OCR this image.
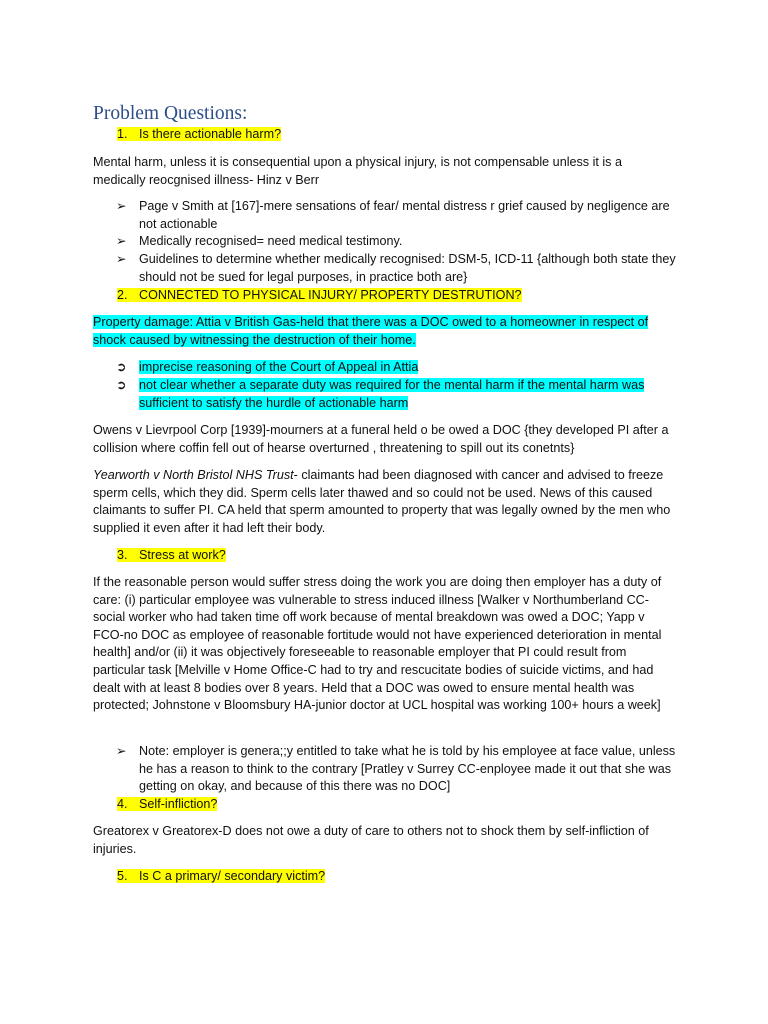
Problem Questions:

1. Is there actionable harm?

Mental harm, unless it is consequential upon a physical injury, is not compensable unless it is a medically reocgnised illness- Hinz v Berr

➢ Page v Smith at [167]-mere sensations of fear/ mental distress r grief caused by negligence are not actionable
➢ Medically recognised= need medical testimony.
➢ Guidelines to determine whether medically recognised: DSM-5, ICD-11 {although both state they should not be sued for legal purposes, in practice both are}

2. CONNECTED TO PHYSICAL INJURY/ PROPERTY DESTRUTION?

Property damage: Attia v British Gas-held that there was a DOC owed to a homeowner in respect of shock caused by witnessing the destruction of their home.

➲ imprecise reasoning of the Court of Appeal in Attia
➲ not clear whether a separate duty was required for the mental harm if the mental harm was sufficient to satisfy the hurdle of actionable harm

Owens v Lievrpool Corp [1939]-mourners at a funeral held o be owed a DOC {they developed PI after a collision where coffin fell out of hearse overturned , threatening to spill out its conetnts}

Yearworth v North Bristol NHS Trust- claimants had been diagnosed with cancer and advised to freeze sperm cells, which they did. Sperm cells later thawed and so could not be used. News of this caused claimants to suffer PI. CA held that sperm amounted to property that was legally owned by the men who supplied it even after it had left their body.

3. Stress at work?

If the reasonable person would suffer stress doing the work you are doing then employer has a duty of care: (i) particular employee was vulnerable to stress induced illness [Walker v Northumberland CC-social worker who had taken time off work because of mental breakdown was owed a DOC; Yapp v FCO-no DOC as employee of reasonable fortitude would not have experienced deterioration in mental health] and/or (ii) it was objectively foreseeable to reasonable employer that PI could result from particular task [Melville v Home Office-C had to try and rescucitate bodies of suicide victims, and had dealt with at least 8 bodies over 8 years. Held that a DOC was owed to ensure mental health was protected; Johnstone v Bloomsbury HA-junior doctor at UCL hospital was working 100+ hours a week]

➢ Note: employer is genera;;y entitled to take what he is told by his employee at face value, unless he has a reason to think to the contrary [Pratley v Surrey CC-enployee made it out that she was getting on okay, and because of this there was no DOC]

4. Self-infliction?

Greatorex v Greatorex-D does not owe a duty of care to others not to shock them by self-infliction of injuries.

5. Is C a primary/ secondary victim?
